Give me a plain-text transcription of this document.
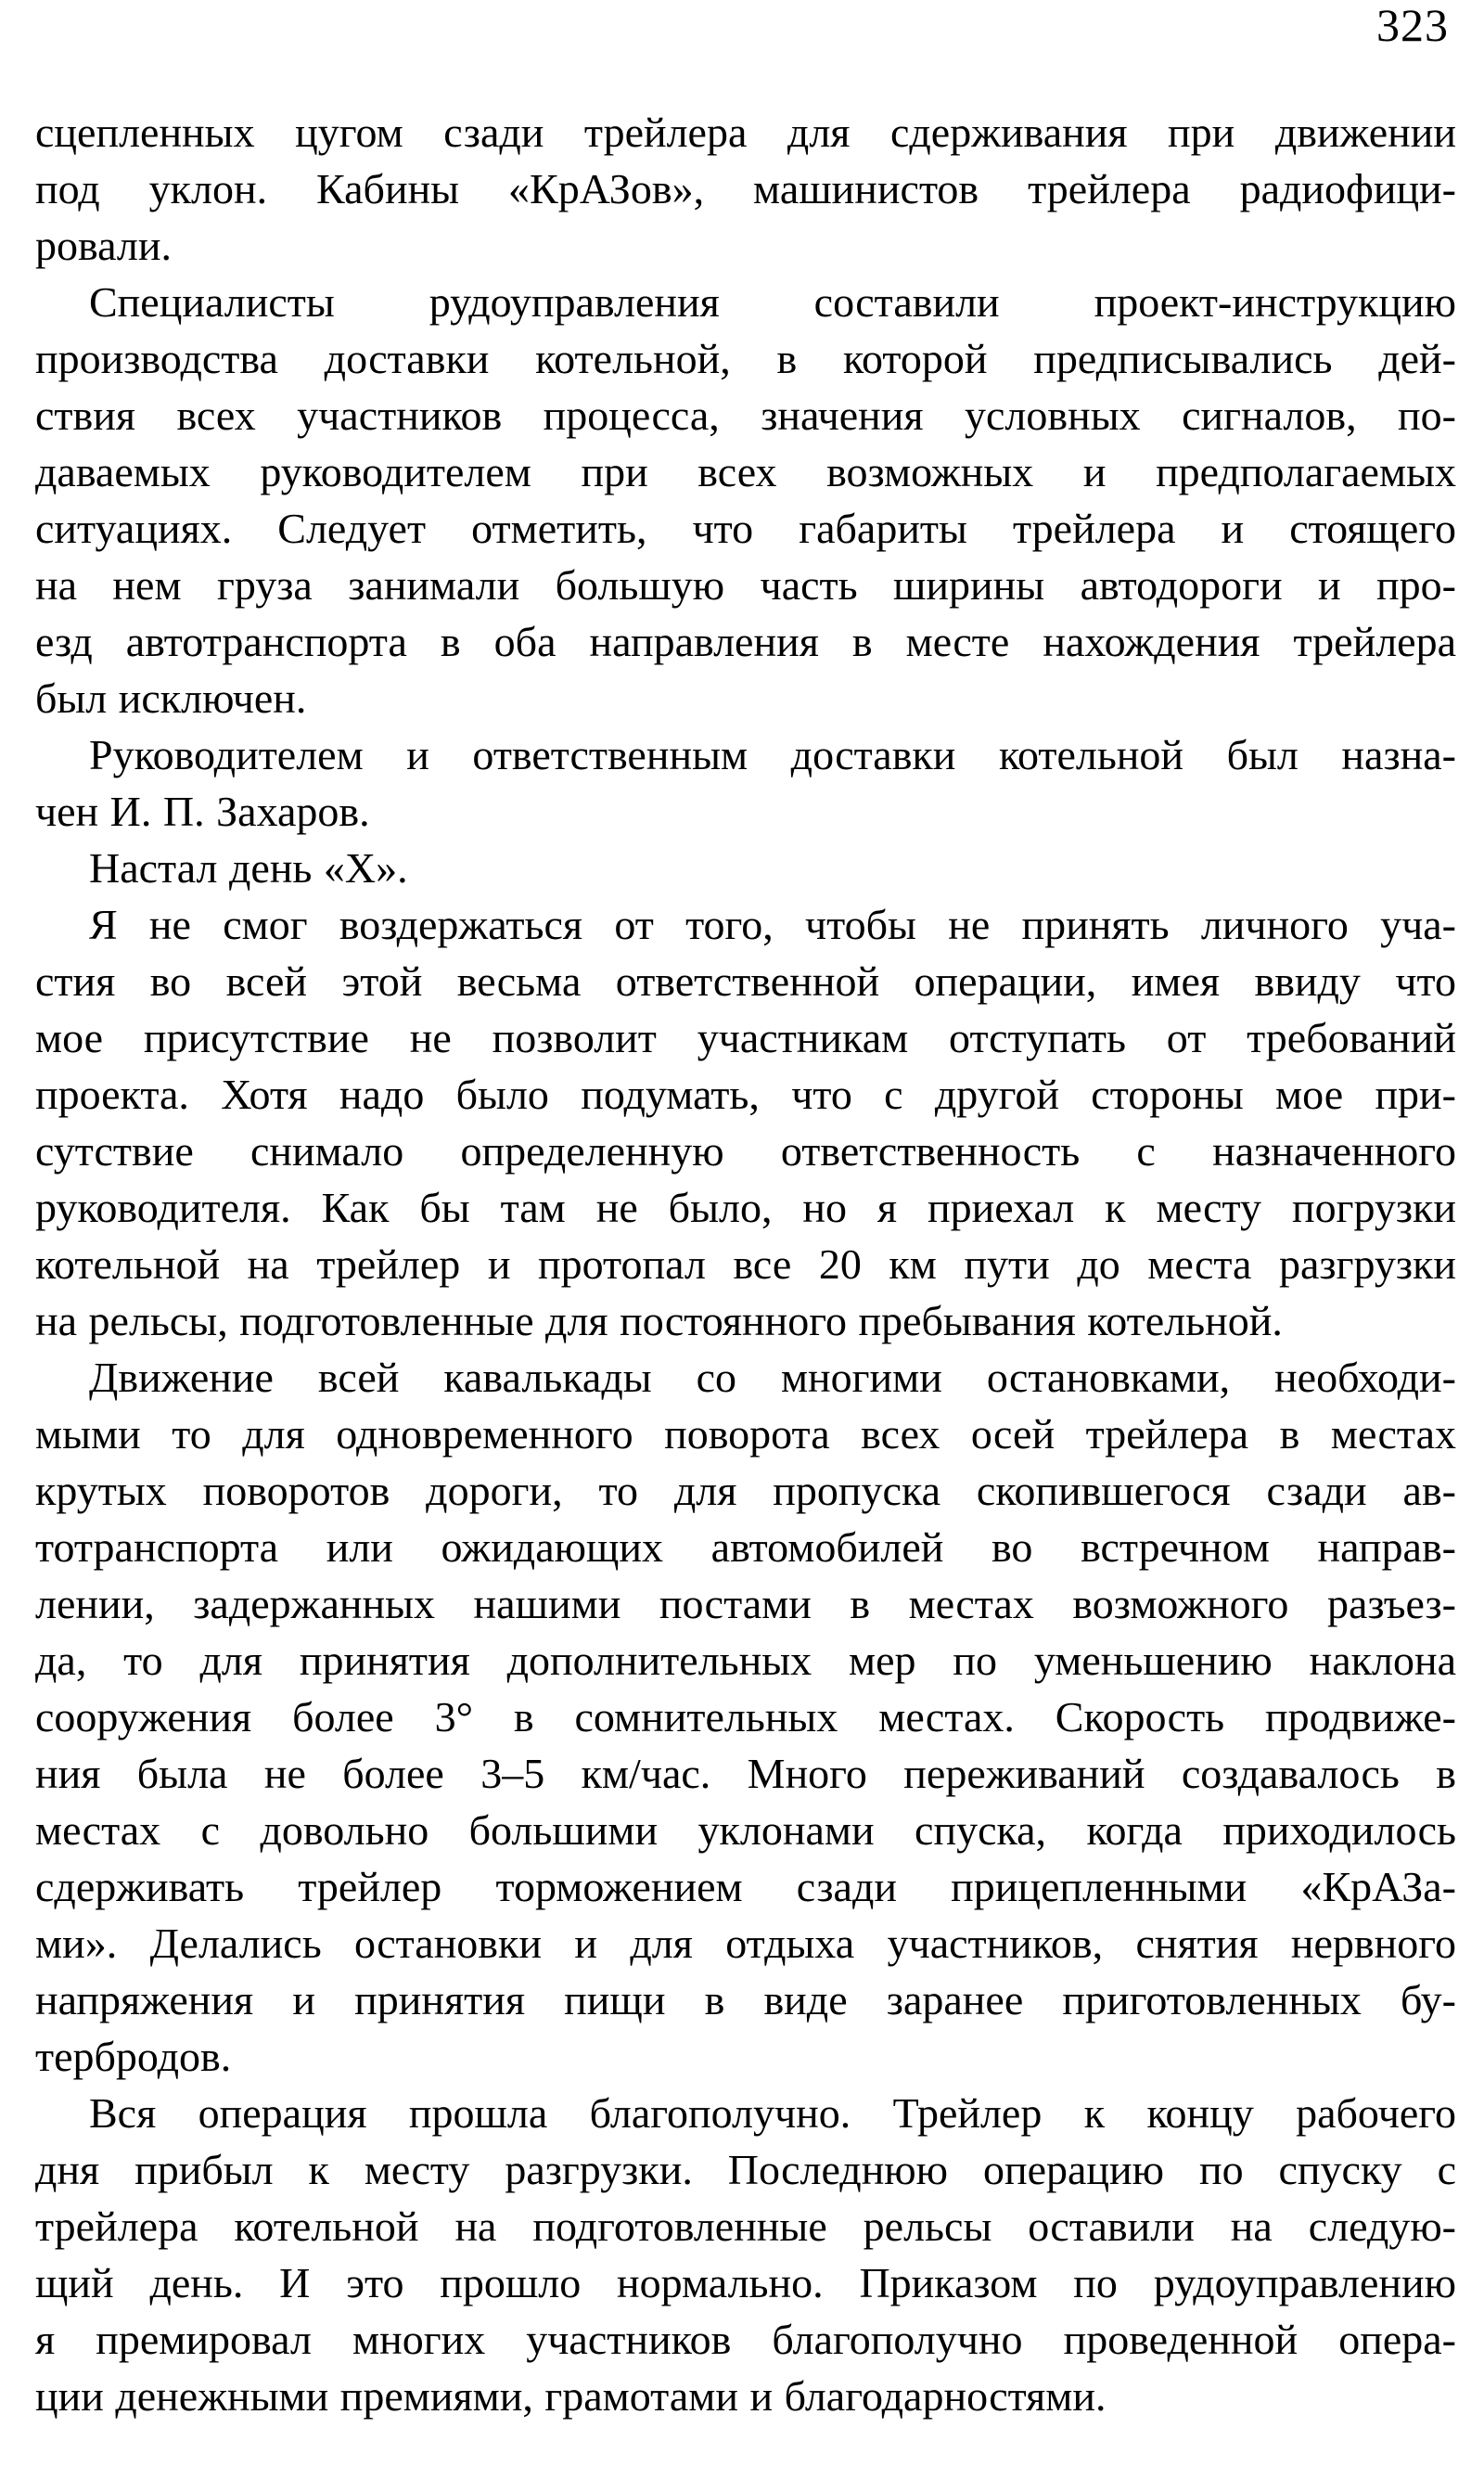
323
сцепленных цугом сзади трейлера для сдерживания при движении
под уклон. Кабины «КрАЗов», машинистов трейлера радиофици-
ровали.
Специалисты рудоуправления составили проект-инструкцию
производства доставки котельной, в которой предписывались дей-
ствия всех участников процесса, значения условных сигналов, по-
даваемых руководителем при всех возможных и предполагаемых
ситуациях. Следует отметить, что габариты трейлера и стоящего
на нем груза занимали большую часть ширины автодороги и про-
езд автотранспорта в оба направления в месте нахождения трейлера
был исключен.
Руководителем и ответственным доставки котельной был назна-
чен И. П. Захаров.
Настал день «Х».
Я не смог воздержаться от того, чтобы не принять личного уча-
стия во всей этой весьма ответственной операции, имея ввиду что
мое присутствие не позволит участникам отступать от требований
проекта. Хотя надо было подумать, что с другой стороны мое при-
сутствие снимало определенную ответственность с назначенного
руководителя. Как бы там не было, но я приехал к месту погрузки
котельной на трейлер и протопал все 20 км пути до места разгрузки
на рельсы, подготовленные для постоянного пребывания котельной.
Движение всей кавалькады со многими остановками, необходи-
мыми то для одновременного поворота всех осей трейлера в местах
крутых поворотов дороги, то для пропуска скопившегося сзади ав-
тотранспорта или ожидающих автомобилей во встречном направ-
лении, задержанных нашими постами в местах возможного разъез-
да, то для принятия дополнительных мер по уменьшению наклона
сооружения более 3° в сомнительных местах. Скорость продвиже-
ния была не более 3–5 км/час. Много переживаний создавалось в
местах с довольно большими уклонами спуска, когда приходилось
сдерживать трейлер торможением сзади прицепленными «КрАЗа-
ми». Делались остановки и для отдыха участников, снятия нервного
напряжения и принятия пищи в виде заранее приготовленных бу-
тербродов.
Вся операция прошла благополучно. Трейлер к концу рабочего
дня прибыл к месту разгрузки. Последнюю операцию по спуску с
трейлера котельной на подготовленные рельсы оставили на следую-
щий день. И это прошло нормально. Приказом по рудоуправлению
я премировал многих участников благополучно проведенной опера-
ции денежными премиями, грамотами и благодарностями.
